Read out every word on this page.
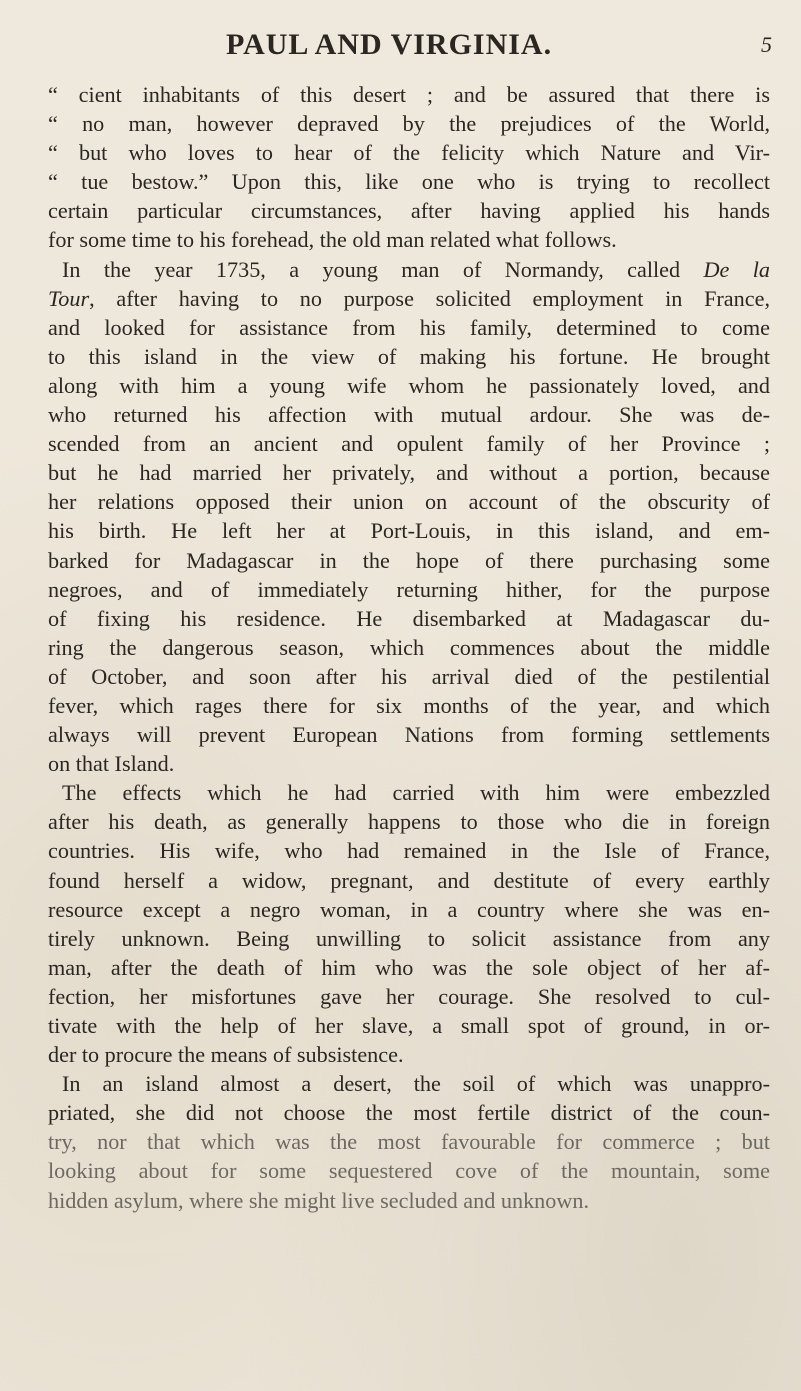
PAUL AND VIRGINIA.	5
“ cient inhabitants of this desert ; and be assured that there is
“ no man, however depraved by the prejudices of the World,
“ but who loves to hear of the felicity which Nature and Vir-
“ tue bestow.” Upon this, like one who is trying to recollect
certain particular circumstances, after having applied his hands
for some time to his forehead, the old man related what follows.
In the year 1735, a young man of Normandy, called De la
Tour, after having to no purpose solicited employment in France,
and looked for assistance from his family, determined to come
to this island in the view of making his fortune. He brought
along with him a young wife whom he passionately loved, and
who returned his affection with mutual ardour. She was de-
scended from an ancient and opulent family of her Province ;
but he had married her privately, and without a portion, because
her relations opposed their union on account of the obscurity of
his birth. He left her at Port-Louis, in this island, and em-
barked for Madagascar in the hope of there purchasing some
negroes, and of immediately returning hither, for the purpose
of fixing his residence. He disembarked at Madagascar du-
ring the dangerous season, which commences about the middle
of October, and soon after his arrival died of the pestilential
fever, which rages there for six months of the year, and which
always will prevent European Nations from forming settlements
on that Island.
The effects which he had carried with him were embezzled
after his death, as generally happens to those who die in foreign
countries. His wife, who had remained in the Isle of France,
found herself a widow, pregnant, and destitute of every earthly
resource except a negro woman, in a country where she was en-
tirely unknown. Being unwilling to solicit assistance from any
man, after the death of him who was the sole object of her af-
fection, her misfortunes gave her courage. She resolved to cul-
tivate with the help of her slave, a small spot of ground, in or-
der to procure the means of subsistence.
In an island almost a desert, the soil of which was unappro-
priated, she did not choose the most fertile district of the coun-
try, nor that which was the most favourable for commerce ; but
looking about for some sequestered cove of the mountain, some
hidden asylum, where she might live secluded and unknown.
